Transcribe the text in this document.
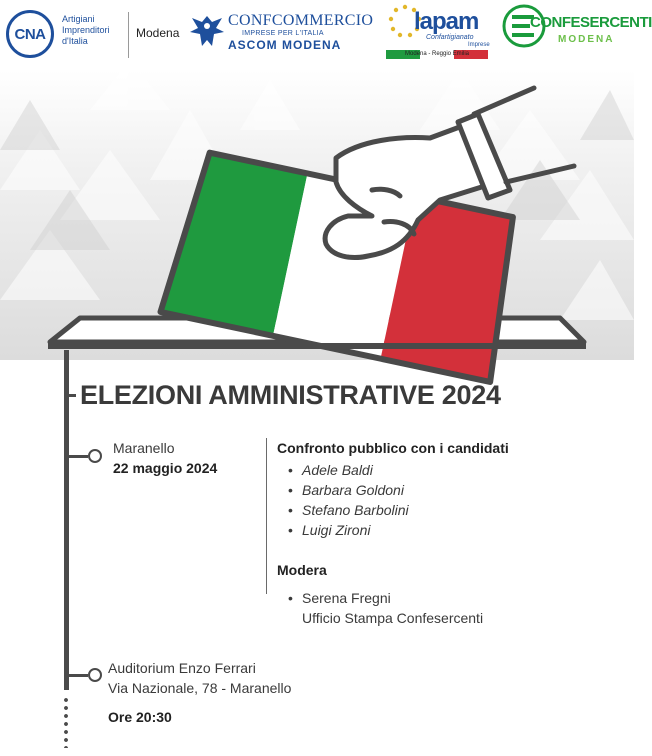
CNA
Artigiani
Imprenditori
d'Italia
Modena
CONFCOMMERCIO
IMPRESE PER L'ITALIA
ASCOM MODENA
lapam
Confartigianato
Imprese
Modena - Reggio Emilia
CONFESERCENTI
MODENA
ELEZIONI AMMINISTRATIVE 2024
Maranello
22 maggio 2024
Confronto pubblico con i candidati
• Adele Baldi
• Barbara Goldoni
• Stefano Barbolini
• Luigi Zironi
Modera
• Serena Fregni
Ufficio Stampa Confesercenti
Auditorium Enzo Ferrari
Via Nazionale, 78 - Maranello
Ore 20:30
